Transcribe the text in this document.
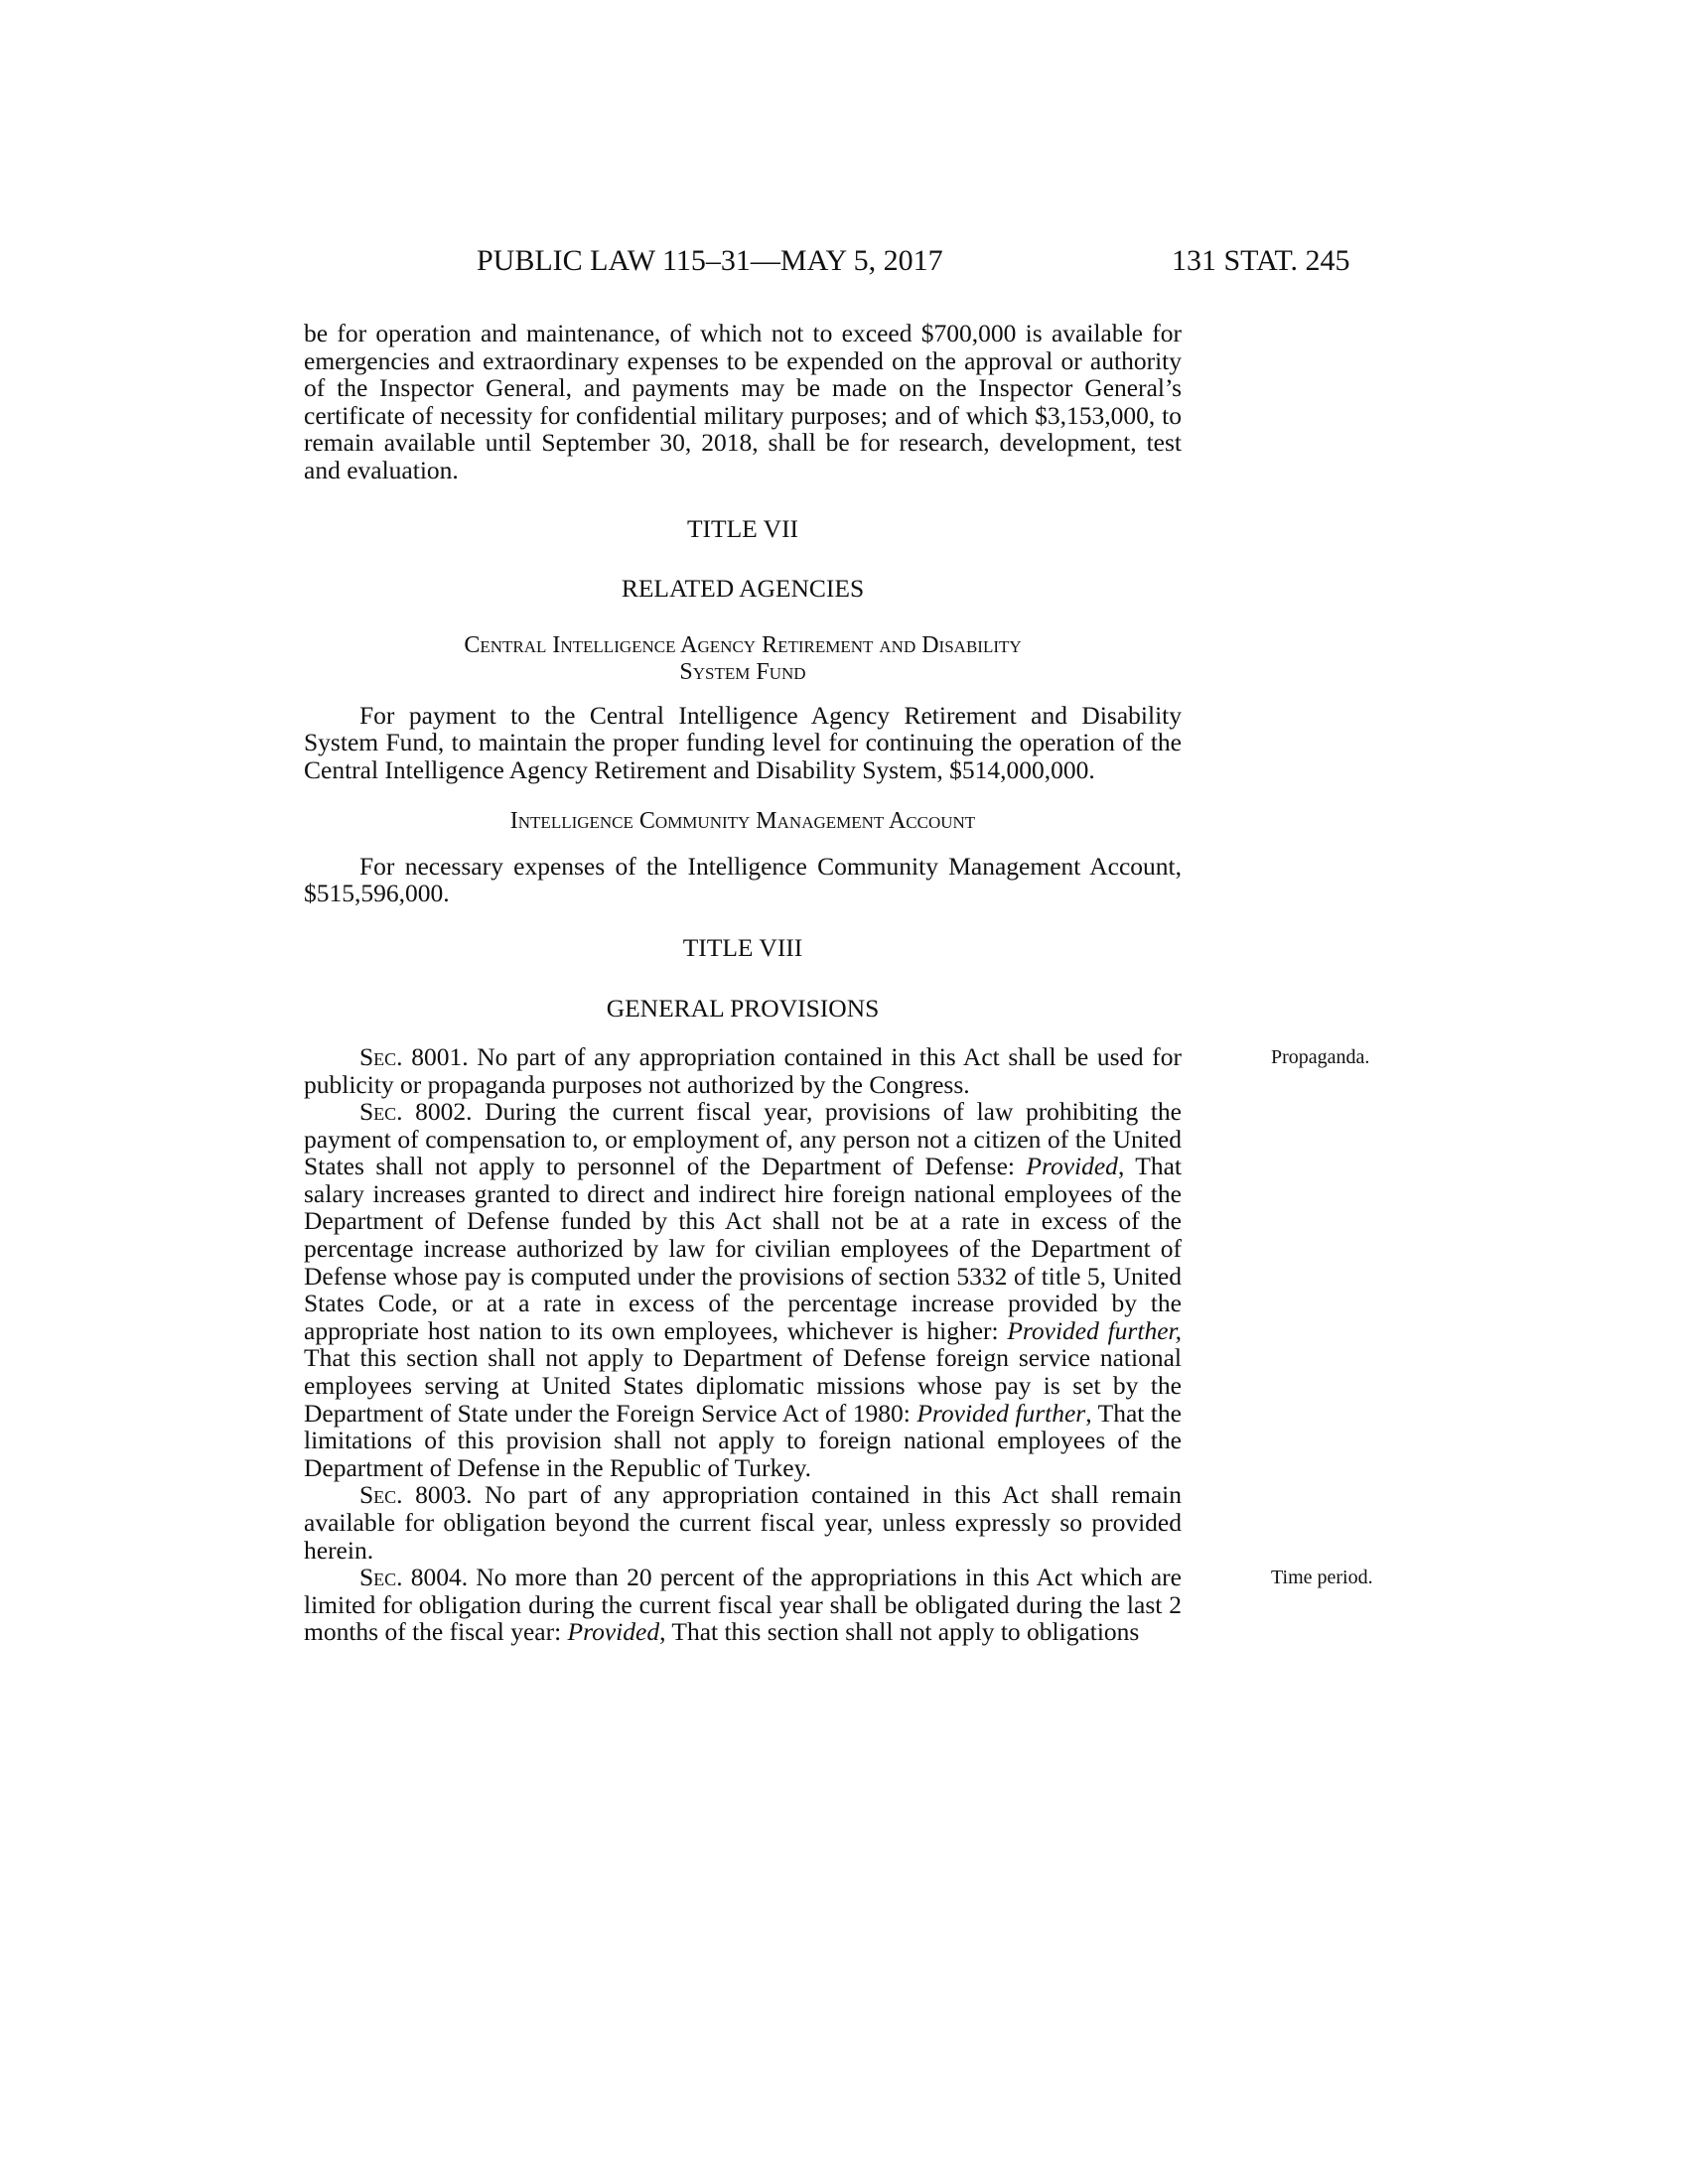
PUBLIC LAW 115–31—MAY 5, 2017	131 STAT. 245

be for operation and maintenance, of which not to exceed $700,000 is available for emergencies and extraordinary expenses to be expended on the approval or authority of the Inspector General, and payments may be made on the Inspector General’s certificate of necessity for confidential military purposes; and of which $3,153,000, to remain available until September 30, 2018, shall be for research, development, test and evaluation.

TITLE VII

RELATED AGENCIES

Central Intelligence Agency Retirement and Disability
System Fund

For payment to the Central Intelligence Agency Retirement and Disability System Fund, to maintain the proper funding level for continuing the operation of the Central Intelligence Agency Retirement and Disability System, $514,000,000.

Intelligence Community Management Account

For necessary expenses of the Intelligence Community Management Account, $515,596,000.

TITLE VIII

GENERAL PROVISIONS

Sec. 8001. No part of any appropriation contained in this Act shall be used for publicity or propaganda purposes not authorized by the Congress.
Propaganda.

Sec. 8002. During the current fiscal year, provisions of law prohibiting the payment of compensation to, or employment of, any person not a citizen of the United States shall not apply to personnel of the Department of Defense: Provided, That salary increases granted to direct and indirect hire foreign national employees of the Department of Defense funded by this Act shall not be at a rate in excess of the percentage increase authorized by law for civilian employees of the Department of Defense whose pay is computed under the provisions of section 5332 of title 5, United States Code, or at a rate in excess of the percentage increase provided by the appropriate host nation to its own employees, whichever is higher: Provided further, That this section shall not apply to Department of Defense foreign service national employees serving at United States diplomatic missions whose pay is set by the Department of State under the Foreign Service Act of 1980: Provided further, That the limitations of this provision shall not apply to foreign national employees of the Department of Defense in the Republic of Turkey.

Sec. 8003. No part of any appropriation contained in this Act shall remain available for obligation beyond the current fiscal year, unless expressly so provided herein.

Sec. 8004. No more than 20 percent of the appropriations in this Act which are limited for obligation during the current fiscal year shall be obligated during the last 2 months of the fiscal year: Provided, That this section shall not apply to obligations
Time period.
